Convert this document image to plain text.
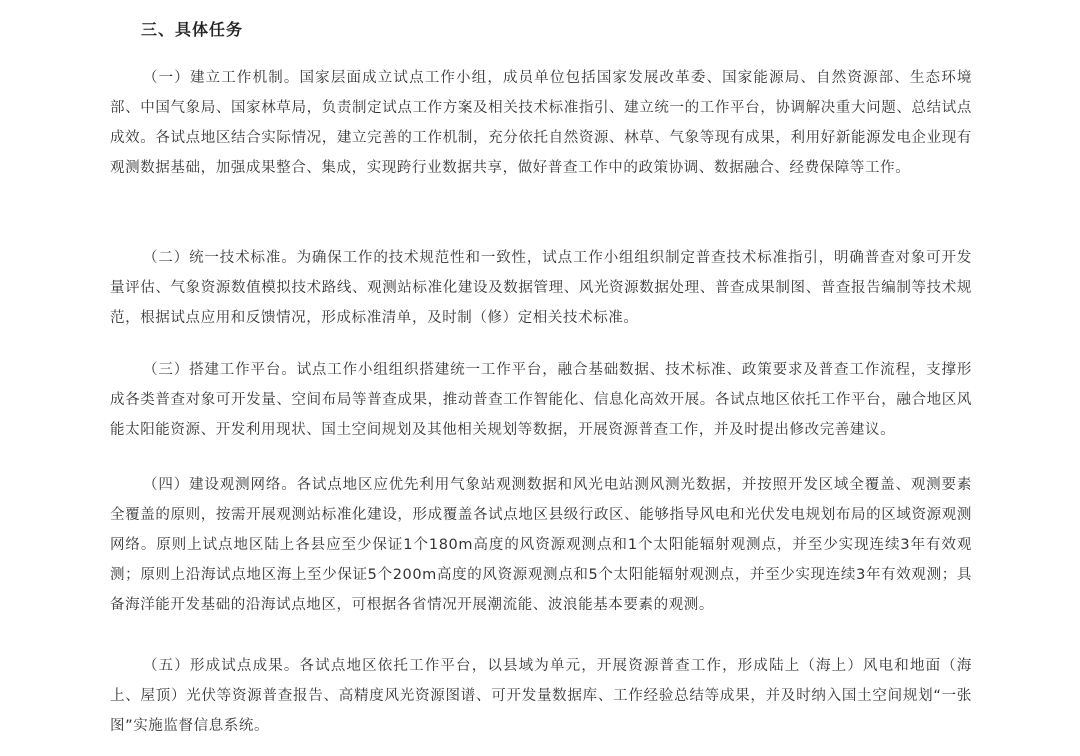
三、具体任务

（一）建立工作机制。国家层面成立试点工作小组，成员单位包括国家发展改革委、国家能源局、自然资源部、生态环境部、中国气象局、国家林草局，负责制定试点工作方案及相关技术标准指引、建立统一的工作平台，协调解决重大问题、总结试点成效。各试点地区结合实际情况，建立完善的工作机制，充分依托自然资源、林草、气象等现有成果，利用好新能源发电企业现有观测数据基础，加强成果整合、集成，实现跨行业数据共享，做好普查工作中的政策协调、数据融合、经费保障等工作。

（二）统一技术标准。为确保工作的技术规范性和一致性，试点工作小组组织制定普查技术标准指引，明确普查对象可开发量评估、气象资源数值模拟技术路线、观测站标准化建设及数据管理、风光资源数据处理、普查成果制图、普查报告编制等技术规范，根据试点应用和反馈情况，形成标准清单，及时制（修）定相关技术标准。

（三）搭建工作平台。试点工作小组组织搭建统一工作平台，融合基础数据、技术标准、政策要求及普查工作流程，支撑形成各类普查对象可开发量、空间布局等普查成果，推动普查工作智能化、信息化高效开展。各试点地区依托工作平台，融合地区风能太阳能资源、开发利用现状、国土空间规划及其他相关规划等数据，开展资源普查工作，并及时提出修改完善建议。

（四）建设观测网络。各试点地区应优先利用气象站观测数据和风光电站测风测光数据，并按照开发区域全覆盖、观测要素全覆盖的原则，按需开展观测站标准化建设，形成覆盖各试点地区县级行政区、能够指导风电和光伏发电规划布局的区域资源观测网络。原则上试点地区陆上各县应至少保证1个180m高度的风资源观测点和1个太阳能辐射观测点，并至少实现连续3年有效观测；原则上沿海试点地区海上至少保证5个200m高度的风资源观测点和5个太阳能辐射观测点，并至少实现连续3年有效观测；具备海洋能开发基础的沿海试点地区，可根据各省情况开展潮流能、波浪能基本要素的观测。

（五）形成试点成果。各试点地区依托工作平台，以县域为单元，开展资源普查工作，形成陆上（海上）风电和地面（海上、屋顶）光伏等资源普查报告、高精度风光资源图谱、可开发量数据库、工作经验总结等成果，并及时纳入国土空间规划“一张图”实施监督信息系统。
